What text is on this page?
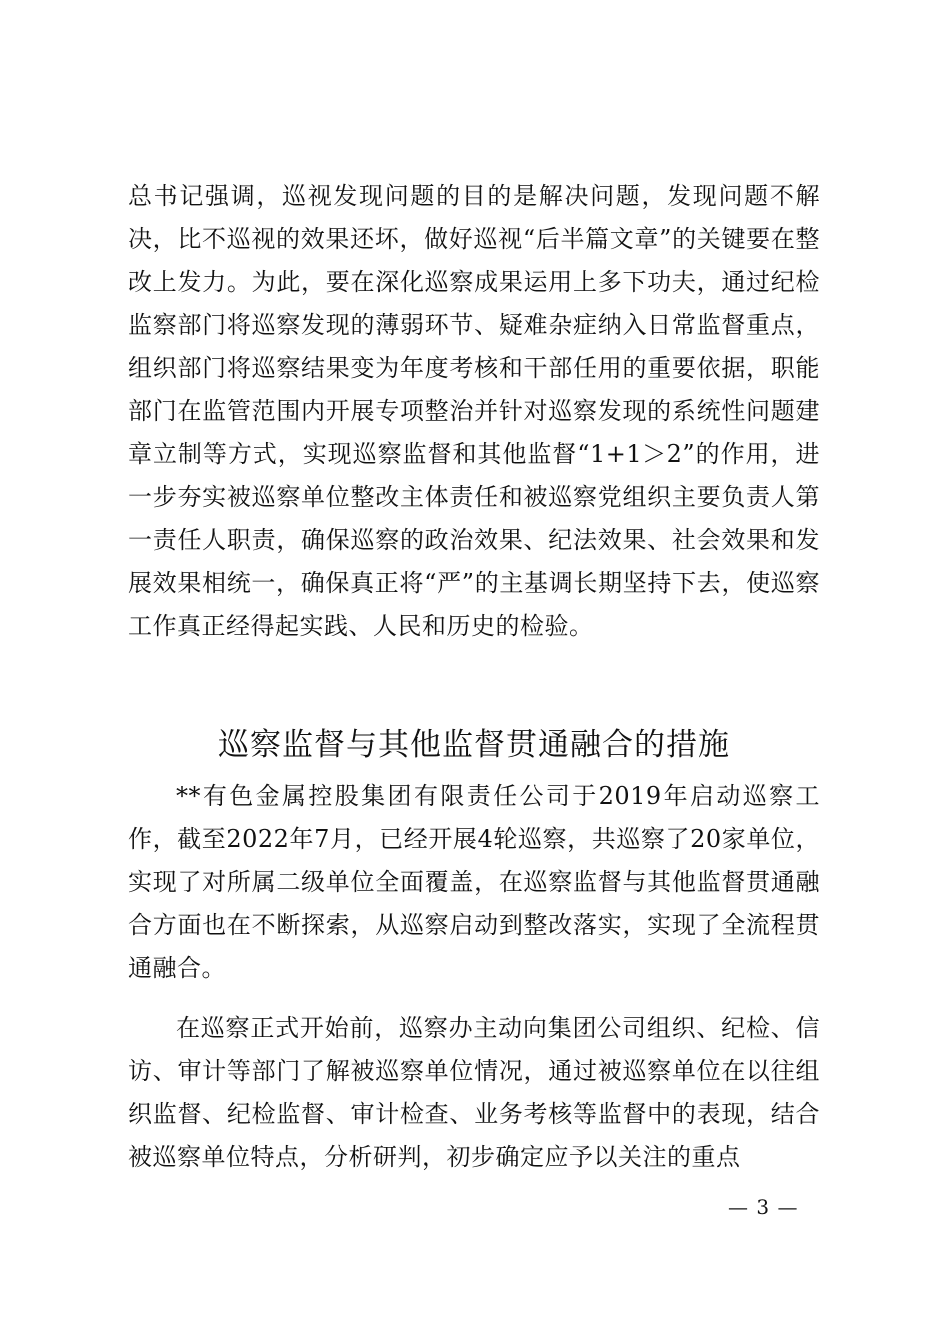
总书记强调，巡视发现问题的目的是解决问题，发现问题不解决，比不巡视的效果还坏，做好巡视“后半篇文章”的关键要在整改上发力。为此，要在深化巡察成果运用上多下功夫，通过纪检监察部门将巡察发现的薄弱环节、疑难杂症纳入日常监督重点，组织部门将巡察结果变为年度考核和干部任用的重要依据，职能部门在监管范围内开展专项整治并针对巡察发现的系统性问题建章立制等方式，实现巡察监督和其他监督“1+1＞2”的作用，进一步夯实被巡察单位整改主体责任和被巡察党组织主要负责人第一责任人职责，确保巡察的政治效果、纪法效果、社会效果和发展效果相统一，确保真正将“严”的主基调长期坚持下去，使巡察工作真正经得起实践、人民和历史的检验。

巡察监督与其他监督贯通融合的措施

**有色金属控股集团有限责任公司于2019年启动巡察工作，截至2022年7月，已经开展4轮巡察，共巡察了20家单位，实现了对所属二级单位全面覆盖，在巡察监督与其他监督贯通融合方面也在不断探索，从巡察启动到整改落实，实现了全流程贯通融合。

在巡察正式开始前，巡察办主动向集团公司组织、纪检、信访、审计等部门了解被巡察单位情况，通过被巡察单位在以往组织监督、纪检监督、审计检查、业务考核等监督中的表现，结合被巡察单位特点，分析研判，初步确定应予以关注的重点

— 3 —
